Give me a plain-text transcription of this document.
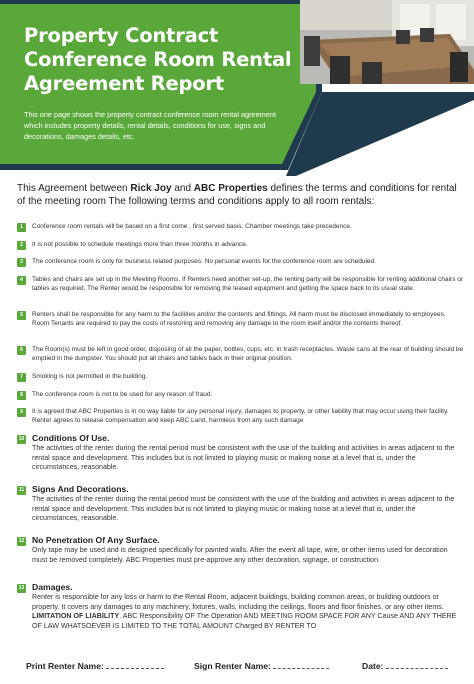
Property Contract
Conference Room Rental
Agreement Report

This one page shows the property contract conference room rental agreement which includes property details, rental details, conditions for use, signs and decorations, damages details, etc.

This Agreement between Rick Joy and ABC Properties defines the terms and conditions for rental of the meeting room The following terms and conditions apply to all room rentals:

1	Conference room rentals will be based on a first come , first served basis. Chamber meetings take precedence.

2	It is not possible to schedule meetings more than three months in advance.

3	The conference room is only for business related purposes. No personal events for the conference room are scheduled.

4	Tables and chairs are set up in the Meeting Rooms. If Renters need another set-up, the renting party will be responsible for renting additional chairs or tables as required. The Renter would be responsible for removing the leased equipment and getting the space back to its usual state.

5	Renters shall be responsible for any harm to the facilities and/or the contents and fittings. All harm must be disclosed immediately to employees. Room Tenants are required to pay the costs of restoring and removing any damage to the room itself and/or the contents thereof.

6	The Room(s) must be left in good order, disposing of all the paper, bottles, cups, etc. in trash receptacles. Waste cans at the rear of building should be emptied in the dumpster. You should put all chairs and tables back in their original position.

7	Smoking is not permitted in the building.

8	The conference room is not to be used for any reason of fraud.

9	It is agreed that ABC Properties is in no way liable for any personal injury, damages to property, or other liability that may occur using their facility. Renter agrees to release compensation and keep ABC Land, harmless from any such damage

10 Conditions Of Use.

The activities of the renter during the rental period must be consistent with the use of the building and activities in areas adjacent to the rental space and development. This includes but is not limited to playing music or making noise at a level that is, under the circumstances, reasonable.

11 Signs And Decorations.

The activities of the renter during the rental period must be consistent with the use of the building and activities in areas adjacent to the rental space and development. This includes but is not limited to playing music or making noise at a level that is, under the circumstances, reasonable.

12 No Penetration Of Any Surface.

Only tape may be used and is designed specifically for painted walls. After the event all tape, wire, or other items used for decoration must be removed completely. ABC Properties must pre-approve any other decoration, signage, or construction.

13 Damages.

Renter is responsible for any loss or harm to the Rental Room, adjacent buildings, building common areas, or building outdoors or property. It covers any damages to any machinery, fixtures, walls, including the ceilings, floors and floor finishes, or any other items. LIMITATION OF LIABILITY. ABC Responsibility OF The Operation AND MEETING ROOM SPACE FOR ANY Cause AND ANY THERE OF LAW WHATSOEVER IS LIMITED TO THE TOTAL AMOUNT Charged BY RENTER TO

Print Renter Name:	Sign Renter Name:	Date:
